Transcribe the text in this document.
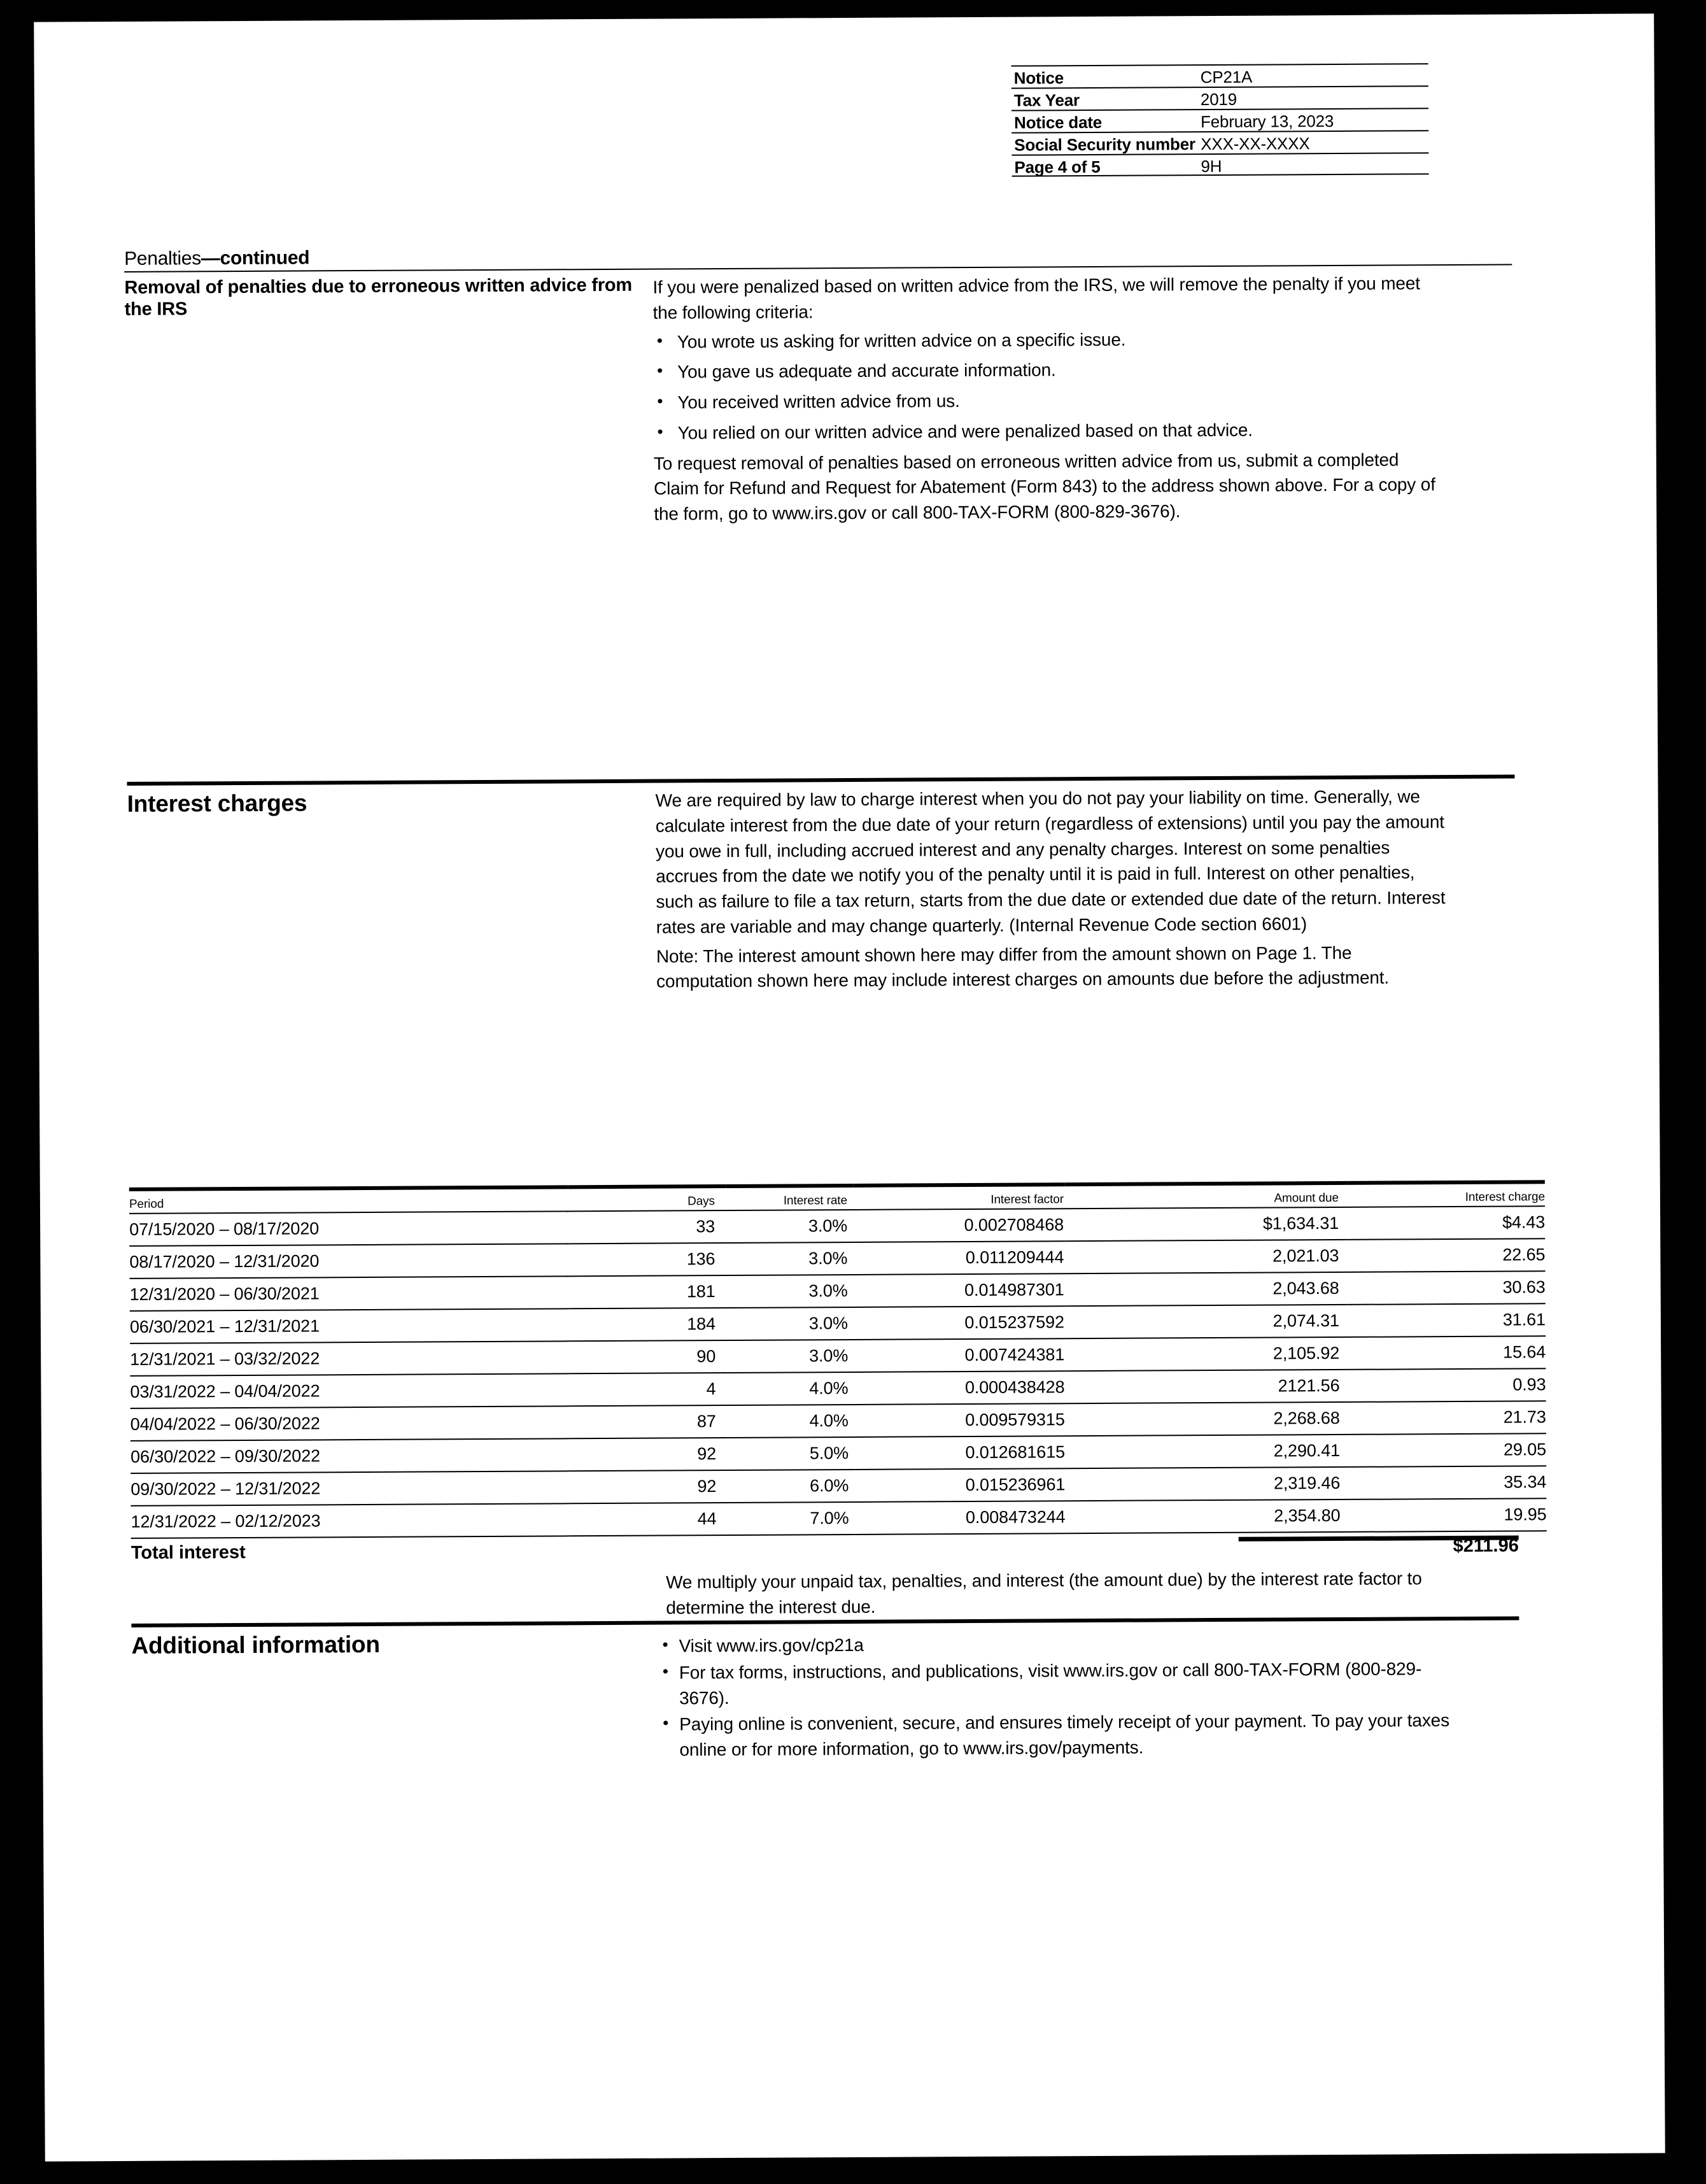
Notice	CP21A
Tax Year	2019
Notice date	February 13, 2023
Social Security number XXX-XX-XXXX
Page 4 of 5	9H
Penalties—continued
Removal of penalties due to erroneous written advice from the IRS

If you were penalized based on written advice from the IRS, we will remove the penalty if you meet the following criteria:

• You wrote us asking for written advice on a specific issue.
• You gave us adequate and accurate information.
• You received written advice from us.
• You relied on our written advice and were penalized based on that advice.

To request removal of penalties based on erroneous written advice from us, submit a completed Claim for Refund and Request for Abatement (Form 843) to the address shown above. For a copy of the form, go to www.irs.gov or call 800-TAX-FORM (800-829-3676).

Interest charges	We are required by law to charge interest when you do not pay your liability on time. Generally, we calculate interest from the due date of your return (regardless of extensions) until you pay the amount you owe in full, including accrued interest and any penalty charges. Interest on some penalties accrues from the date we notify you of the penalty until it is paid in full. Interest on other penalties, such as failure to file a tax return, starts from the due date or extended due date of the return. Interest rates are variable and may change quarterly. (Internal Revenue Code section 6601)

Note: The interest amount shown here may differ from the amount shown on Page 1. The computation shown here may include interest charges on amounts due before the adjustment.

Period	Days	Interest rate	Interest factor	Amount due	Interest charge
07/15/2020 – 08/17/2020	33	3.0%	0.002708468	$1,634.31	$4.43
08/17/2020 – 12/31/2020	136	3.0%	0.011209444	2,021.03	22.65
12/31/2020 – 06/30/2021	181	3.0%	0.014987301	2,043.68	30.63
06/30/2021 – 12/31/2021	184	3.0%	0.015237592	2,074.31	31.61
12/31/2021 – 03/32/2022	90	3.0%	0.007424381	2,105.92	15.64
03/31/2022 – 04/04/2022	4	4.0%	0.000438428	2121.56	0.93
04/04/2022 – 06/30/2022	87	4.0%	0.009579315	2,268.68	21.73
06/30/2022 – 09/30/2022	92	5.0%	0.012681615	2,290.41	29.05
09/30/2022 – 12/31/2022	92	6.0%	0.015236961	2,319.46	35.34
12/31/2022 – 02/12/2023	44	7.0%	0.008473244	2,354.80	19.95
Total interest	$211.96

We multiply your unpaid tax, penalties, and interest (the amount due) by the interest rate factor to determine the interest due.

Additional information	• Visit www.irs.gov/cp21a
• For tax forms, instructions, and publications, visit www.irs.gov or call 800-TAX-FORM (800-829-3676).
• Paying online is convenient, secure, and ensures timely receipt of your payment. To pay your taxes online or for more information, go to www.irs.gov/payments.
